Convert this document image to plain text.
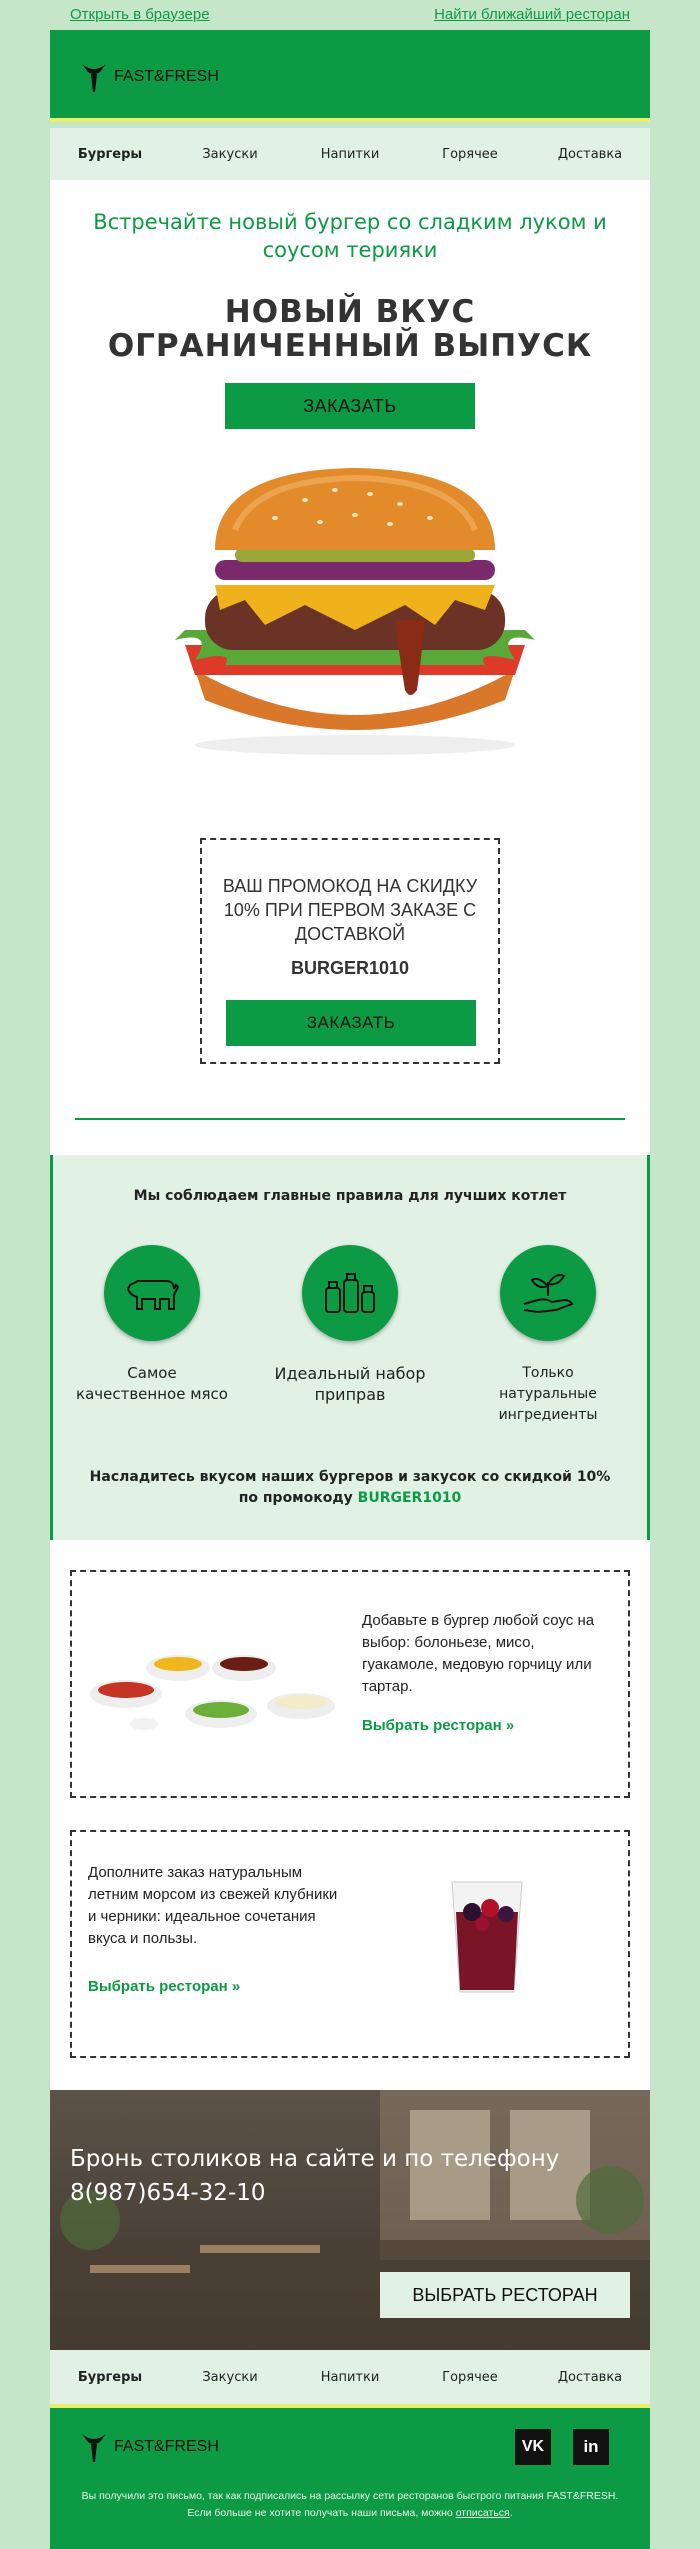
Открыть в браузере	Найти ближайший ресторан
FAST&FRESH
Бургеры	Закуски	Напитки	Горячее	Доставка
Встречайте новый бургер со сладким луком и соусом терияки
НОВЫЙ ВКУС
ОГРАНИЧЕННЫЙ ВЫПУСК
ЗАКАЗАТЬ
ВАШ ПРОМОКОД НА СКИДКУ 10% ПРИ ПЕРВОМ ЗАКАЗЕ С ДОСТАВКОЙ
BURGER1010
ЗАКАЗАТЬ
Мы соблюдаем главные правила для лучших котлет
Самое качественное мясо
Идеальный набор приправ
Только натуральные ингредиенты
Насладитесь вкусом наших бургеров и закусок со скидкой 10% по промокоду BURGER1010
Добавьте в бургер любой соус на выбор: болоньезе, мисо, гуакамоле, медовую горчицу или тартар.
Выбрать ресторан »
Дополните заказ натуральным летним морсом из свежей клубники и черники: идеальное сочетания вкуса и пользы.
Выбрать ресторан »
Бронь столиков на сайте и по телефону
8(987)654-32-10
ВЫБРАТЬ РЕСТОРАН
Бургеры	Закуски	Напитки	Горячее	Доставка
FAST&FRESH	VK	in
Вы получили это письмо, так как подписались на рассылку сети ресторанов быстрого питания FAST&FRESH. Если больше не хотите получать наши письма, можно отписаться.
